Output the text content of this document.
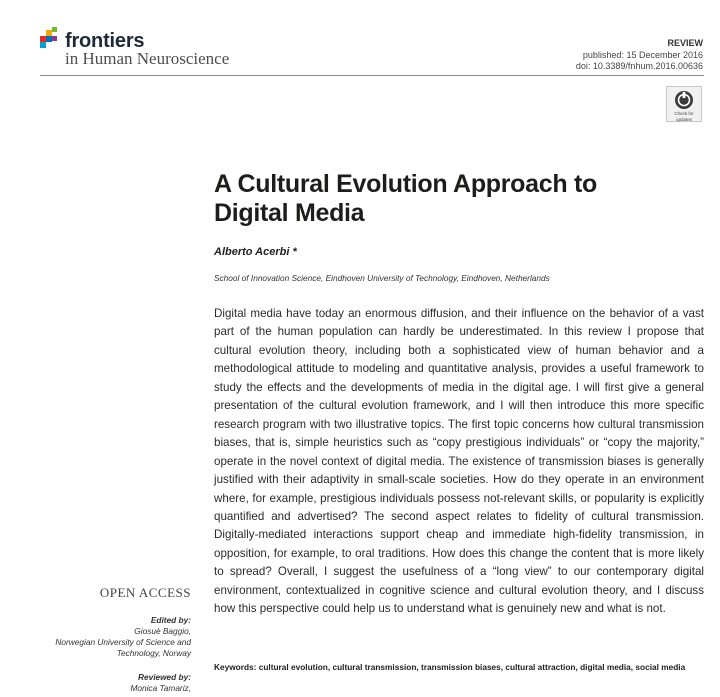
frontiers
in Human Neuroscience
REVIEW
published: 15 December 2016
doi: 10.3389/fnhum.2016.00636
Check for
updates
A Cultural Evolution Approach to
Digital Media
Alberto Acerbi *
School of Innovation Science, Eindhoven University of Technology, Eindhoven, Netherlands
Digital media have today an enormous diffusion, and their influence on the behavior of a vast part of the human population can hardly be underestimated. In this review I propose that cultural evolution theory, including both a sophisticated view of human behavior and a methodological attitude to modeling and quantitative analysis, provides a useful framework to study the effects and the developments of media in the digital age. I will first give a general presentation of the cultural evolution framework, and I will then introduce this more specific research program with two illustrative topics. The first topic concerns how cultural transmission biases, that is, simple heuristics such as “copy prestigious individuals” or “copy the majority,” operate in the novel context of digital media. The existence of transmission biases is generally justified with their adaptivity in small-scale societies. How do they operate in an environment where, for example, prestigious individuals possess not-relevant skills, or popularity is explicitly quantified and advertised? The second aspect relates to fidelity of cultural transmission. Digitally-mediated interactions support cheap and immediate high-fidelity transmission, in opposition, for example, to oral traditions. How does this change the content that is more likely to spread? Overall, I suggest the usefulness of a “long view” to our contemporary digital environment, contextualized in cognitive science and cultural evolution theory, and I discuss how this perspective could help us to understand what is genuinely new and what is not.
Keywords: cultural evolution, cultural transmission, transmission biases, cultural attraction, digital media, social media
OPEN ACCESS
Edited by:
Giosuè Baggio,
Norwegian University of Science and
Technology, Norway
Reviewed by:
Monica Tamariz,
